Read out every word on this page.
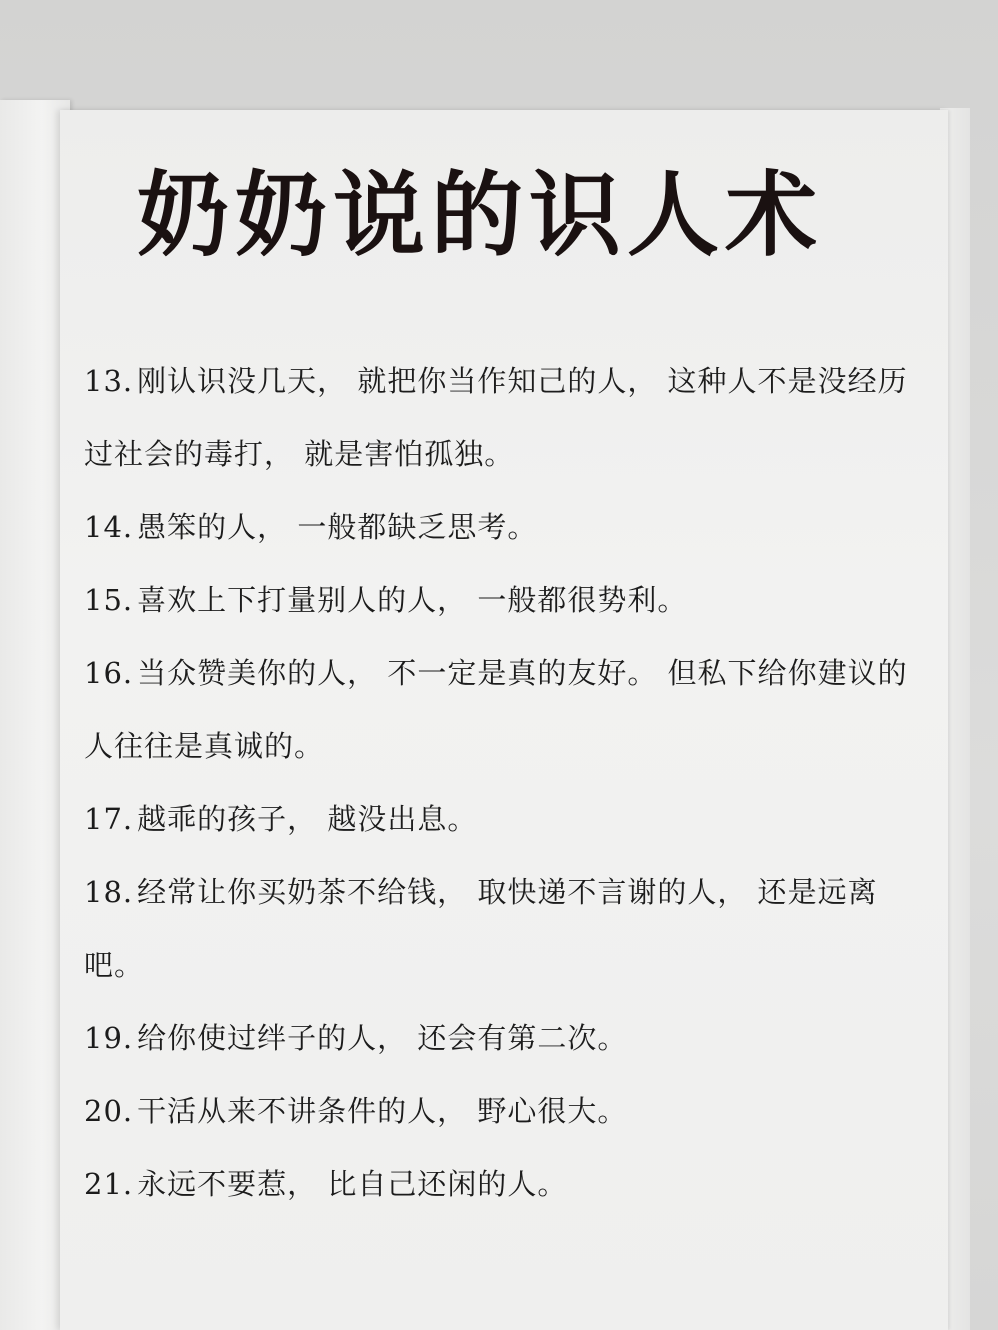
奶奶说的识人术

13. 刚认识没几天， 就把你当作知己的人， 这种人不是没经历过社会的毒打， 就是害怕孤独。

14. 愚笨的人， 一般都缺乏思考。

15. 喜欢上下打量别人的人， 一般都很势利。

16. 当众赞美你的人， 不一定是真的友好。 但私下给你建议的人往往是真诚的。

17. 越乖的孩子， 越没出息。

18. 经常让你买奶茶不给钱， 取快递不言谢的人， 还是远离吧。

19. 给你使过绊子的人， 还会有第二次。

20. 干活从来不讲条件的人， 野心很大。

21. 永远不要惹， 比自己还闲的人。
